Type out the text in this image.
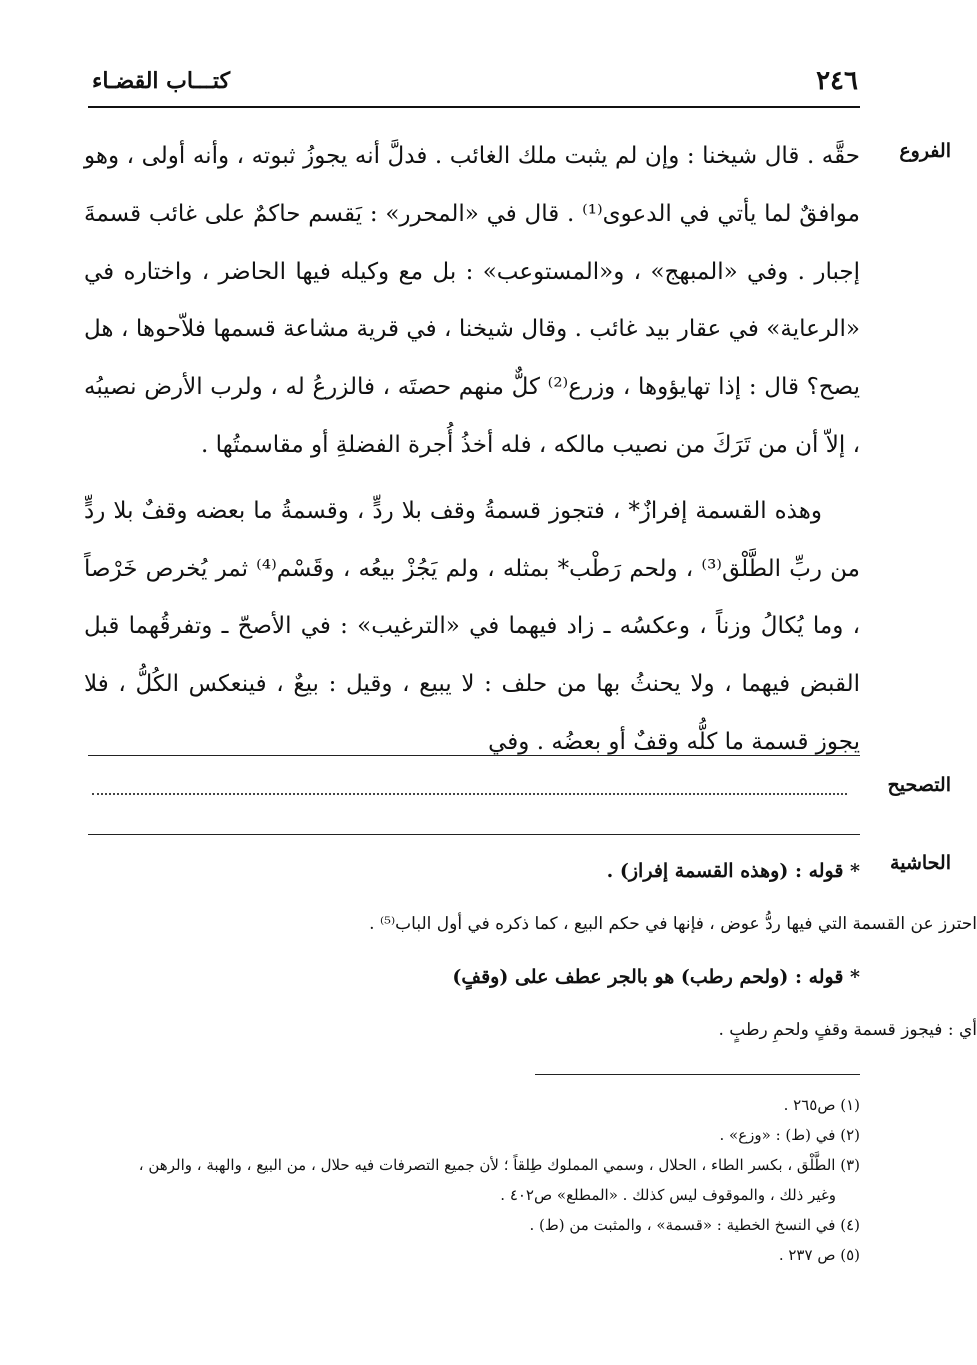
٢٤٦
كتـــاب القضـاء
الفروع

حقَّه . قال شيخنا : وإن لم يثبت ملك الغائب . فدلَّ أنه يجوزُ ثبوته ، وأنه أولى ، وهو موافقٌ لما يأتي في الدعوى⁽¹⁾ . قال في «المحرر» : يَقسم حاكمٌ على غائب قسمةَ إجبار . وفي «المبهج» ، و«المستوعب» : بل مع وكيله فيها الحاضر ، واختاره في «الرعاية» في عقار بيد غائب . وقال شيخنا ، في قرية مشاعة قسمها فلاّحوها ، هل يصح؟ قال : إذا تهايؤوها ، وزرع⁽²⁾ كلٌّ منهم حصتَه ، فالزرعُ له ، ولرب الأرض نصيبُه ، إلاّ أن من تَرَكَ من نصيب مالكه ، فله أخذُ أُجرة الفضلةِ أو مقاسمتُها .

وهذه القسمة إفرازٌ* ، فتجوز قسمةُ وقف بلا ردٍّ ، وقسمةُ ما بعضه وقفٌ بلا ردٍّ من ربِّ الطَّلْق⁽³⁾ ، ولحم رَطْب* بمثله ، ولم يَجُزْ بيعُه ، وقَسْم⁽⁴⁾ ثمر يُخرص خَرْصاً ، وما يُكالُ وزناً ، وعكسُه ـ زاد فيهما في «الترغيب» : في الأصحّ ـ وتفرقُهما قبل القبض فيهما ، ولا يحنثُ بها من حلف : لا يبيع ، وقيل : بيعٌ ، فينعكس الكُلُّ ، فلا يجوز قسمة ما كلُّه وقفٌ أو بعضُه . وفي

التصحيح
الحاشية
* قوله : (وهذه القسمة إفراز) .
احترز عن القسمة التي فيها ردُّ عوض ، فإنها في حكم البيع ، كما ذكره في أول الباب⁽⁵⁾ .
* قوله : (ولحم رطب) هو بالجر عطف على (وقفٍ)
أي : فيجوز قسمة وقفٍ ولحمِ رطبٍ .

(١) ص٢٦٥ .

(٢) في (ط) : «وزع» .

(٣) الطَّلْق ، بكسر الطاء ، الحلال ، وسمي المملوك طِلقاً ؛ لأن جميع التصرفات فيه حلال ، من البيع ، والهبة ، والرهن ،

وغير ذلك ، والموقوف ليس كذلك . «المطلع» ص٤٠٢ .

(٤) في النسخ الخطية : «قسمة» ، والمثبت من (ط) .

(٥) ص ٢٣٧ .
